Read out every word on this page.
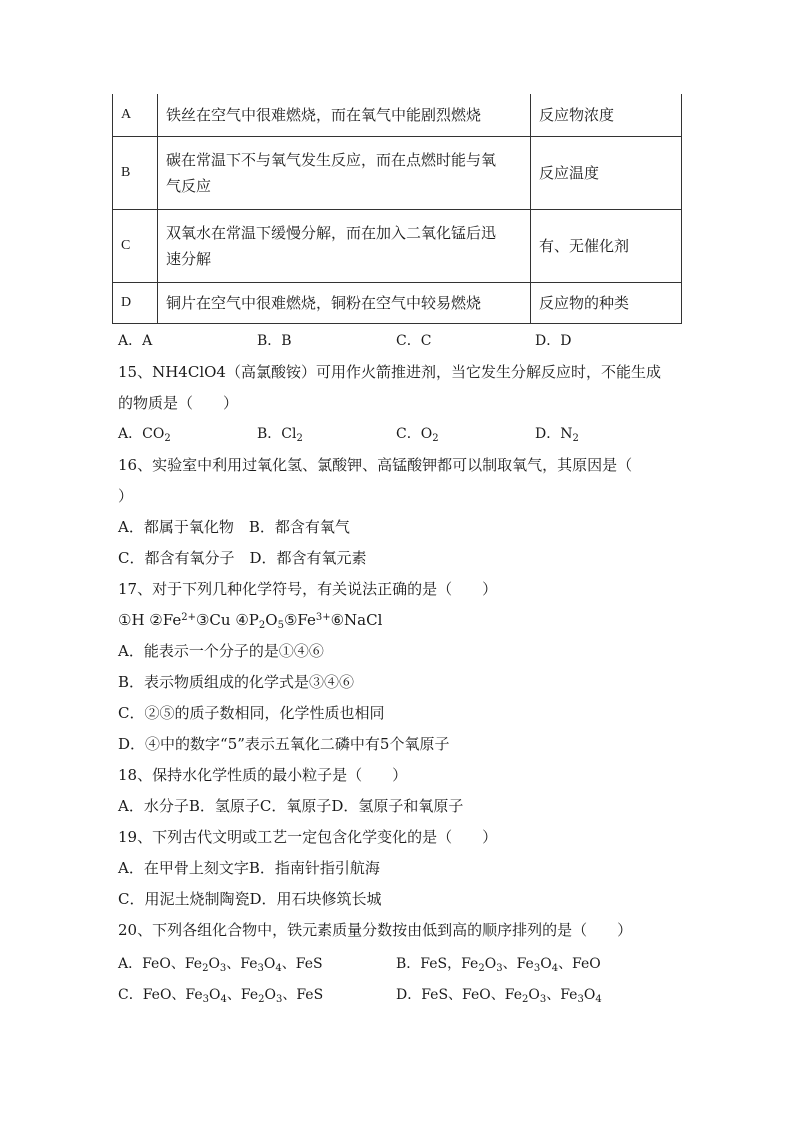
A	铁丝在空气中很难燃烧，而在氧气中能剧烈燃烧	反应物浓度
B	碳在常温下不与氧气发生反应，而在点燃时能与氧
气反应	反应温度
C	双氧水在常温下缓慢分解，而在加入二氧化锰后迅
速分解	有、无催化剂
D	铜片在空气中很难燃烧，铜粉在空气中较易燃烧	反应物的种类
A．A	B．B	C．C	D．D
15、NH4ClO4（高氯酸铵）可用作火箭推进剂，当它发生分解反应时，不能生成
的物质是（　　）
A．$CO_2$	B．$Cl_2$	C．$O_2$	D．$N_2$
16、实验室中利用过氧化氢、氯酸钾、高锰酸钾都可以制取氧气，其原因是（
）
A．都属于氧化物　B．都含有氧气
C．都含有氧分子　D．都含有氧元素
17、对于下列几种化学符号，有关说法正确的是（　　）
①H $②Fe^{2+}③Cu$ $④P_2O_5⑤Fe^{3+}⑥NaCl$
A．能表示一个分子的是①④⑥
B．表示物质组成的化学式是③④⑥
C．②⑤的质子数相同，化学性质也相同
D．④中的数字“5”表示五氧化二磷中有5个氧原子
18、保持水化学性质的最小粒子是（　　）
A．水分子B．氢原子C．氧原子D．氢原子和氧原子
19、下列古代文明或工艺一定包含化学变化的是（　　）
A．在甲骨上刻文字B．指南针指引航海
C．用泥土烧制陶瓷D．用石块修筑长城
20、下列各组化合物中，铁元素质量分数按由低到高的顺序排列的是（　　）
A．FeO、$Fe_2O_3$、$Fe_3O_4$、FeS	B．FeS，$Fe_2O_3$、$Fe_3O_4$、FeO
C．FeO、$Fe_3O_4$、$Fe_2O_3$、FeS	D．FeS、FeO、$Fe_2O_3$、$Fe_3O_4$
